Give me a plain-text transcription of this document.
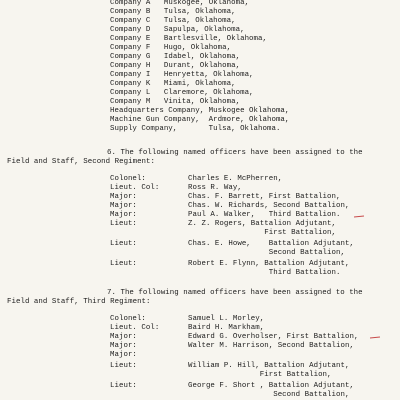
Company A Muskogee, Oklahoma,
Company B Tulsa, Oklahoma,
Company C Tulsa, Oklahoma,
Company D Sapulpa, Oklahoma,
Company E Bartlesville, Oklahoma,
Company F Hugo, Oklahoma,
Company G Idabel, Oklahoma,
Company H Durant, Oklahoma,
Company I Henryetta, Oklahoma,
Company K Miami, Oklahoma,
Company L Claremore, Oklahoma,
Company M Vinita, Oklahoma,
Headquarters Company, Muskogee Oklahoma,
Machine Gun Company,  Ardmore, Oklahoma,
Supply Company,       Tulsa, Oklahoma.
6. The following named officers have been assigned to the
Field and Staff, Second Regiment:
Colonel:	Charles E. McPherren,
Lieut. Col:	Ross R. Way,
Major:	Chas. F. Barrett, First Battalion,
Major:	Chas. W. Richards, Second Battalion,
Major:	Paul A. Walker,   Third Battalion.
Lieut:	Z. Z. Rogers, Battalion Adjutant,
First Battalion,
Lieut:	Chas. E. Howe,    Battalion Adjutant,
Second Battalion,
Lieut:	Robert E. Flynn, Battalion Adjutant,
Third Battalion.
7. The following named officers have been assigned to the
Field and Staff, Third Regiment:
Colonel:	Samuel L. Morley,
Lieut. Col:	Baird H. Markham,
Major:	Edward G. Overholser, First Battalion,
Major:	Walter M. Harrison, Second Battalion,
Major:
Lieut:	William P. Hill, Battalion Adjutant,
First Battalion,
Lieut:	George F. Short , Battalion Adjutant,
Second Battalion,
